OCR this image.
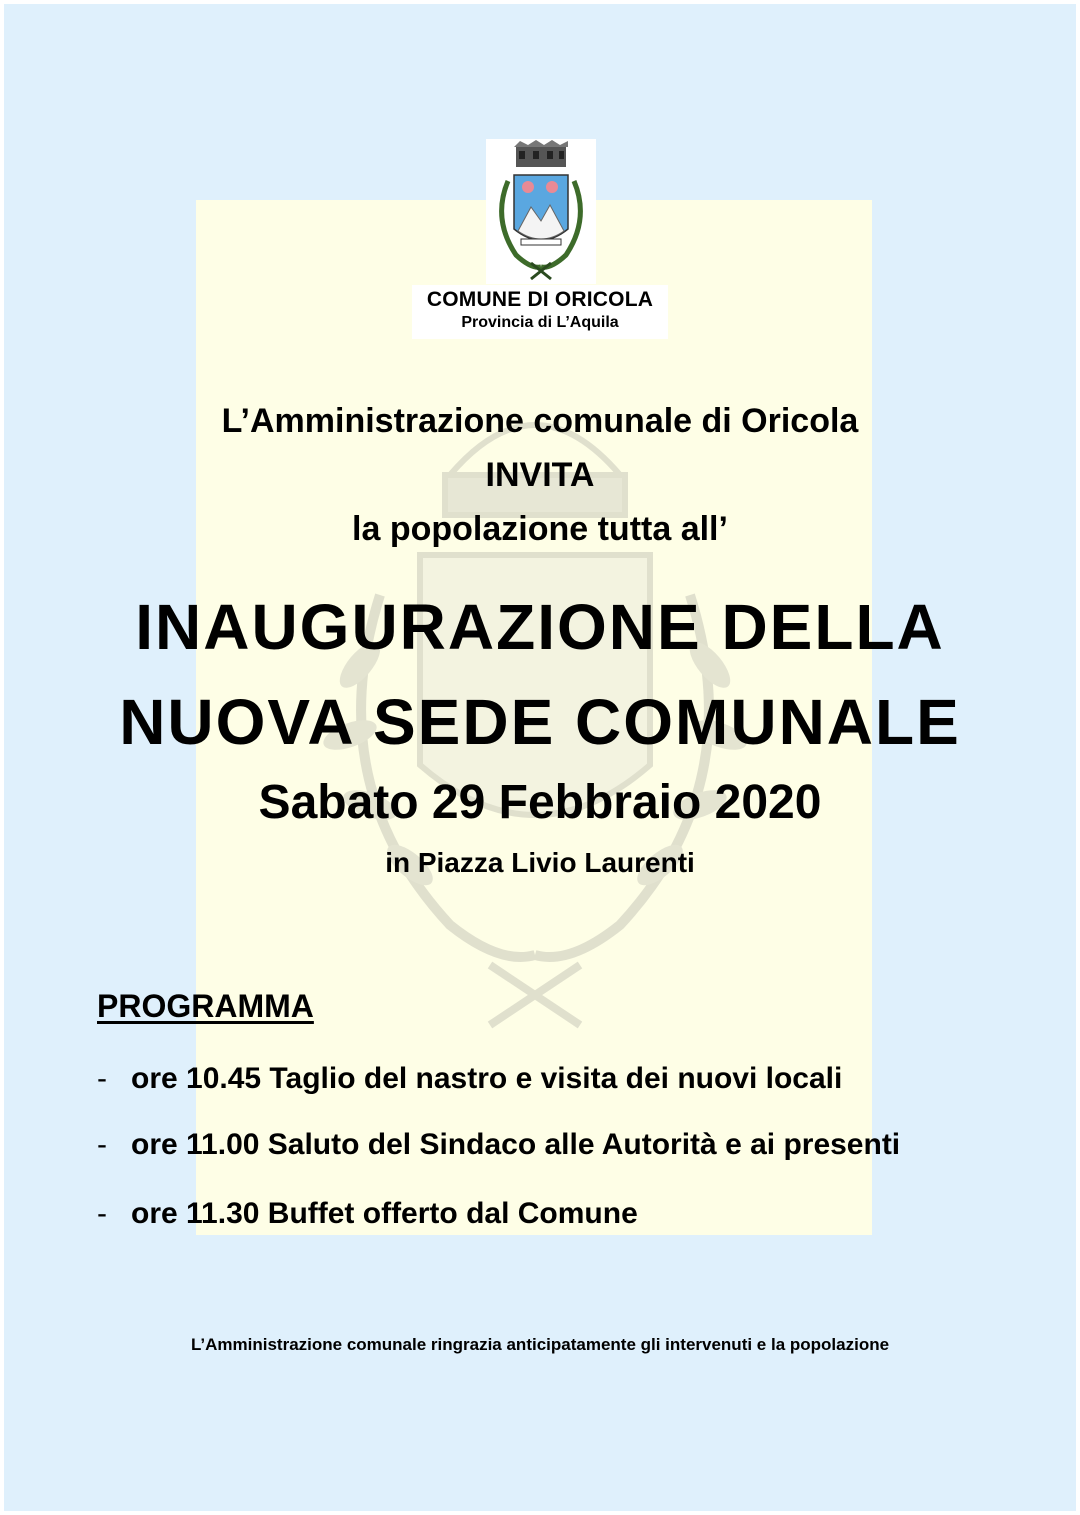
COMUNE DI ORICOLA
Provincia di L’Aquila
L’Amministrazione comunale di Oricola
INVITA
la popolazione tutta all’
INAUGURAZIONE DELLA
NUOVA SEDE COMUNALE
Sabato 29 Febbraio 2020
in Piazza Livio Laurenti
PROGRAMMA
- ore 10.45 Taglio del nastro e visita dei nuovi locali
- ore 11.00 Saluto del Sindaco alle Autorità e ai presenti
- ore 11.30 Buffet offerto dal Comune
L’Amministrazione comunale ringrazia anticipatamente gli intervenuti e la popolazione
